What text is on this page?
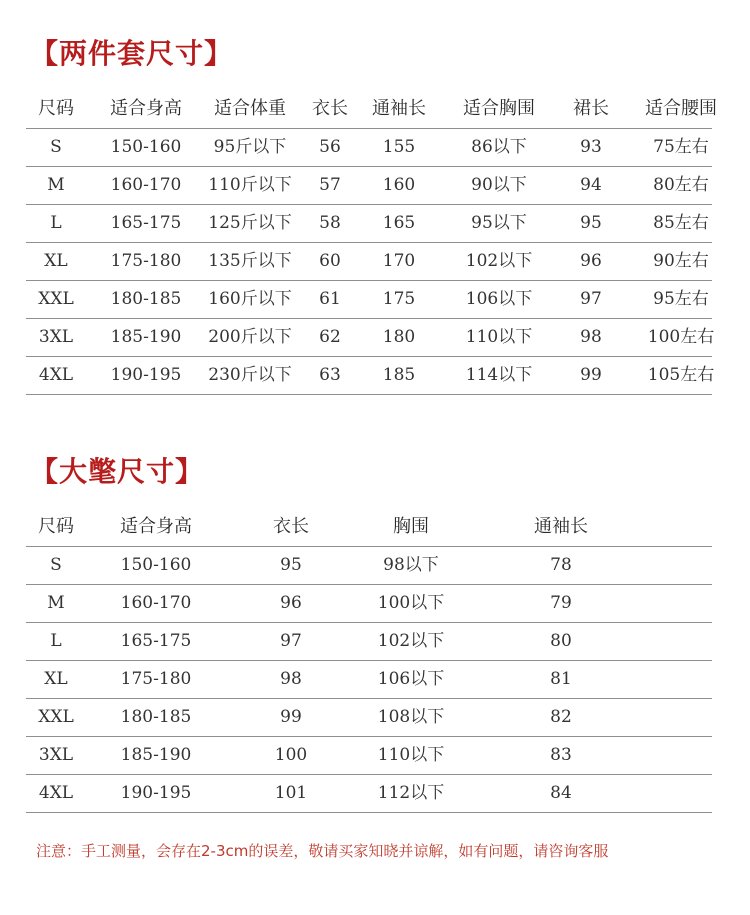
【两件套尺寸】
尺码 适合身高 适合体重 衣长 通袖长 适合胸围 裙长 适合腰围
S	150-160 95斤以下 56 155	86以下	93	75左右
M	160-170 110斤以下 57 160	90以下	94	80左右
L	165-175 125斤以下 58 165	95以下	95	85左右
XL	175-180 135斤以下 60 170	102以下	96	90左右
XXL 180-185 160斤以下 61 175	106以下	97	95左右
3XL 185-190 200斤以下 62 180	110以下	98	100左右
4XL 190-195 230斤以下 63 185	114以下	99	105左右
【大氅尺寸】
尺码	适合身高	衣长	胸围	通袖长
S	150-160	95	98以下	78
M	160-170	96	100以下	79
L	165-175	97	102以下	80
XL	175-180	98	106以下	81
XXL	180-185	99	108以下	82
3XL	185-190	100	110以下	83
4XL	190-195	101	112以下	84
注意：手工测量，会存在2-3cm的误差，敬请买家知晓并谅解，如有问题，请咨询客服
